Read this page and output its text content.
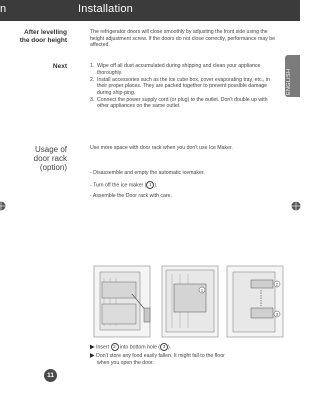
n	Installation
ENGLISH
After levelling
the door height

The refrigerator doors will close smoothly by adjusting the front side using the height adjustment screw. If the doors do not close correctly, performance may be affected.

Next	1. Wipe off all dust accumulated during shipping and clean your appliance thoroughly.
2. Install accessories such as the ice cube box, cover evaporating tray, etc., in their proper places. They are packed together to prevent possible damage during ship-ping.
3. Connect the power supply cord (or plug) to the outlet. Don't double up with other appliances on the same outlet.
Usage of
door rack
(option)
Use more space with door rack when you don't use Ice Maker.
- Disassemble and empty the automatic icemaker.
- Turn off the ice maker ( 1 ).
- Assemble the Door rack with care.
1
2
3
▶ Insert 2 into bottom hole ( 3 ).
▶ Don't store any food easily fallen. It might fall to the floor
when you open the door.
11
